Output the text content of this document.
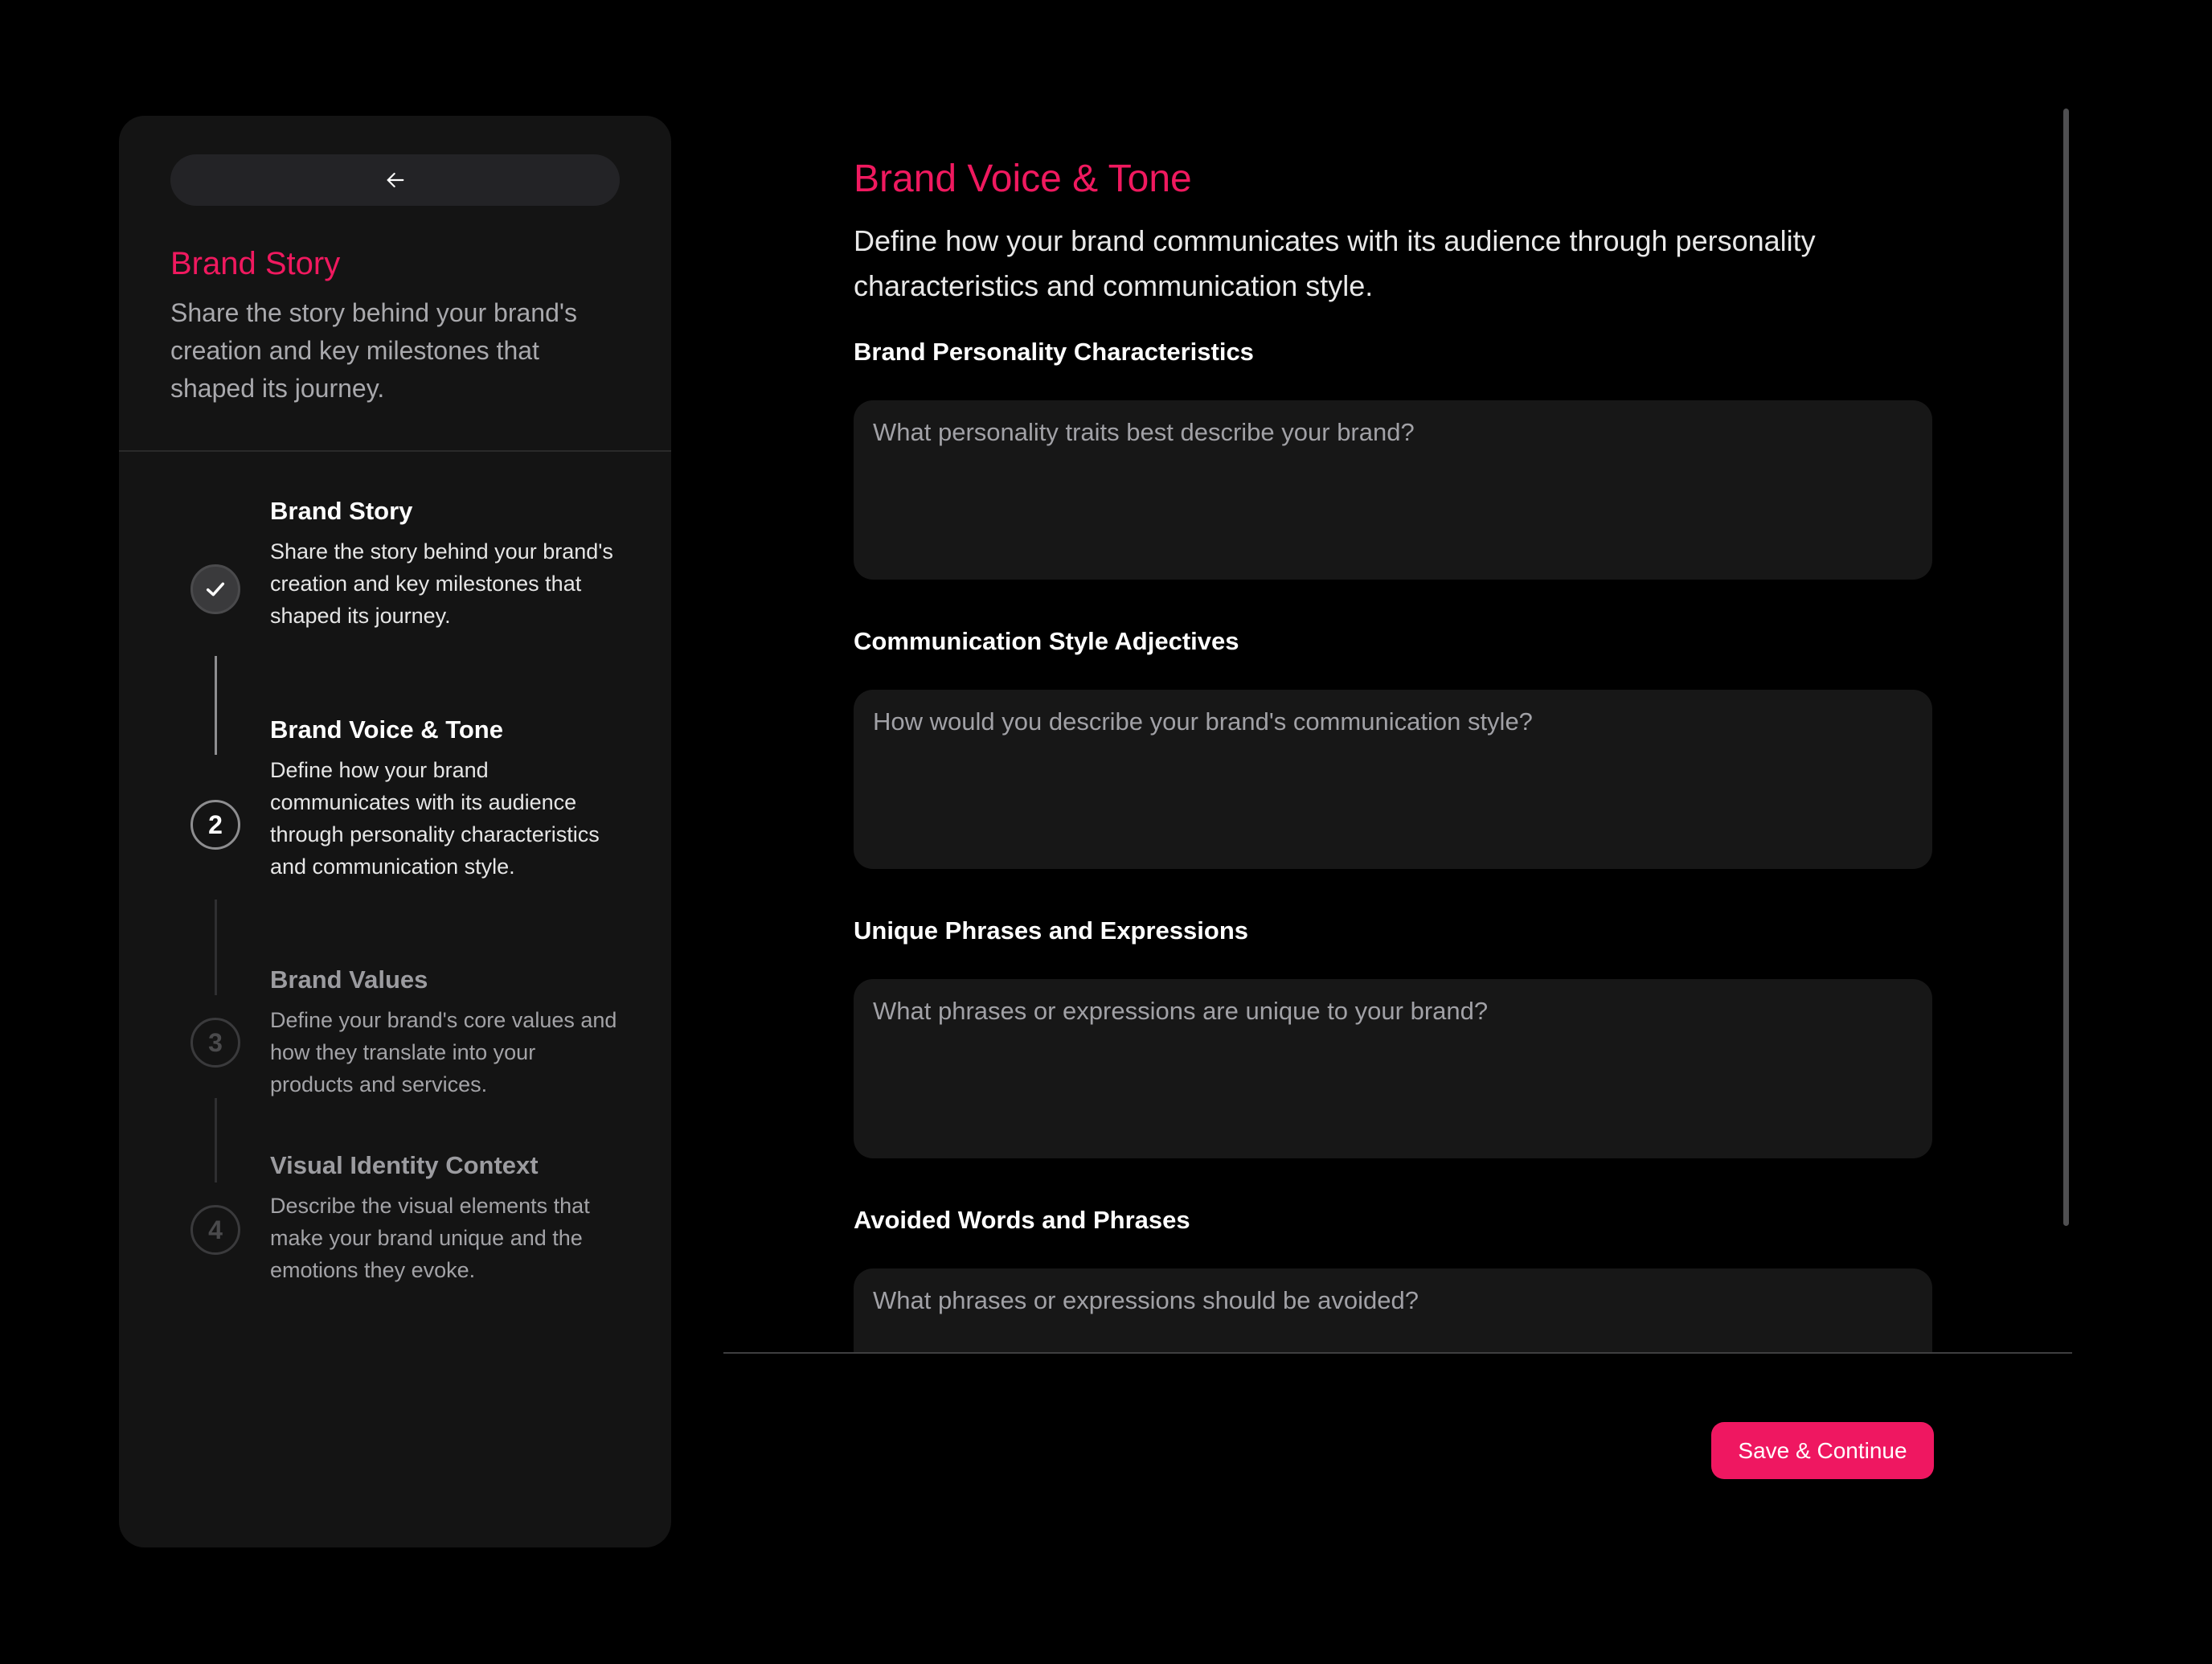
Brand Story

Share the story behind your brand's creation and key milestones that shaped its journey.

Brand Story

Share the story behind your brand's creation and key milestones that shaped its journey.

Brand Voice & Tone

Define how your brand communicates with its audience through personality characteristics and communication style.

2
Brand Values

Define your brand's core values and how they translate into your products and services.

3
Visual Identity Context

Describe the visual elements that make your brand unique and the emotions they evoke.

4
Brand Voice & Tone

Define how your brand communicates with its audience through personality characteristics and communication style.

Brand Personality Characteristics
What personality traits best describe your brand?
Communication Style Adjectives
How would you describe your brand's communication style?
Unique Phrases and Expressions
What phrases or expressions are unique to your brand?
Avoided Words and Phrases
What phrases or expressions should be avoided?
Save & Continue
